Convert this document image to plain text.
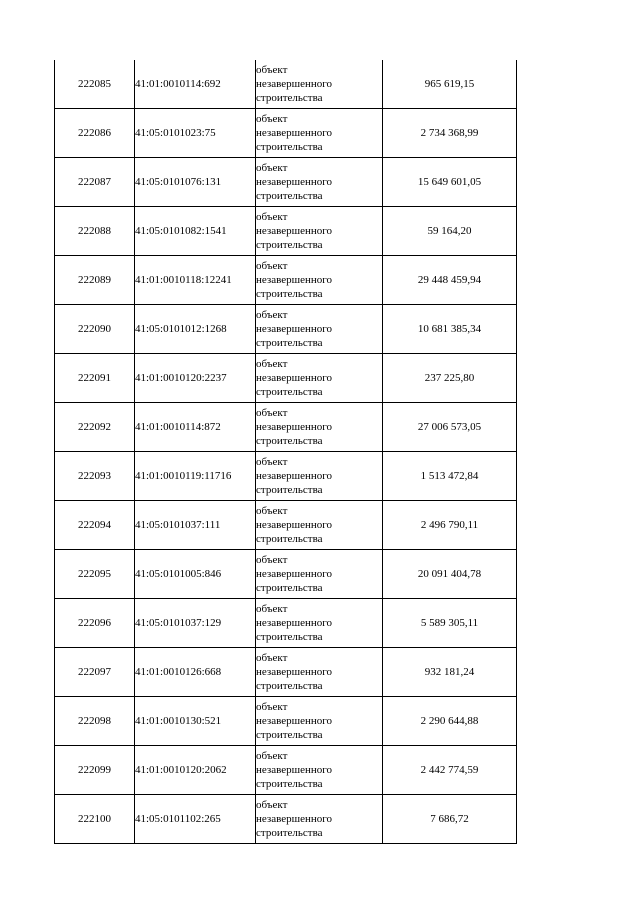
222085	41:01:0010114:692	объект
незавершенного
строительства	965 619,15
222086	41:05:0101023:75	объект
незавершенного
строительства	2 734 368,99
222087	41:05:0101076:131	объект
незавершенного
строительства	15 649 601,05
222088	41:05:0101082:1541	объект
незавершенного
строительства	59 164,20
222089	41:01:0010118:12241	объект
незавершенного
строительства	29 448 459,94
222090	41:05:0101012:1268	объект
незавершенного
строительства	10 681 385,34
222091	41:01:0010120:2237	объект
незавершенного
строительства	237 225,80
222092	41:01:0010114:872	объект
незавершенного
строительства	27 006 573,05
222093	41:01:0010119:11716	объект
незавершенного
строительства	1 513 472,84
222094	41:05:0101037:111	объект
незавершенного
строительства	2 496 790,11
222095	41:05:0101005:846	объект
незавершенного
строительства	20 091 404,78
222096	41:05:0101037:129	объект
незавершенного
строительства	5 589 305,11
222097	41:01:0010126:668	объект
незавершенного
строительства	932 181,24
222098	41:01:0010130:521	объект
незавершенного
строительства	2 290 644,88
222099	41:01:0010120:2062	объект
незавершенного
строительства	2 442 774,59
222100	41:05:0101102:265	объект
незавершенного
строительства	7 686,72
